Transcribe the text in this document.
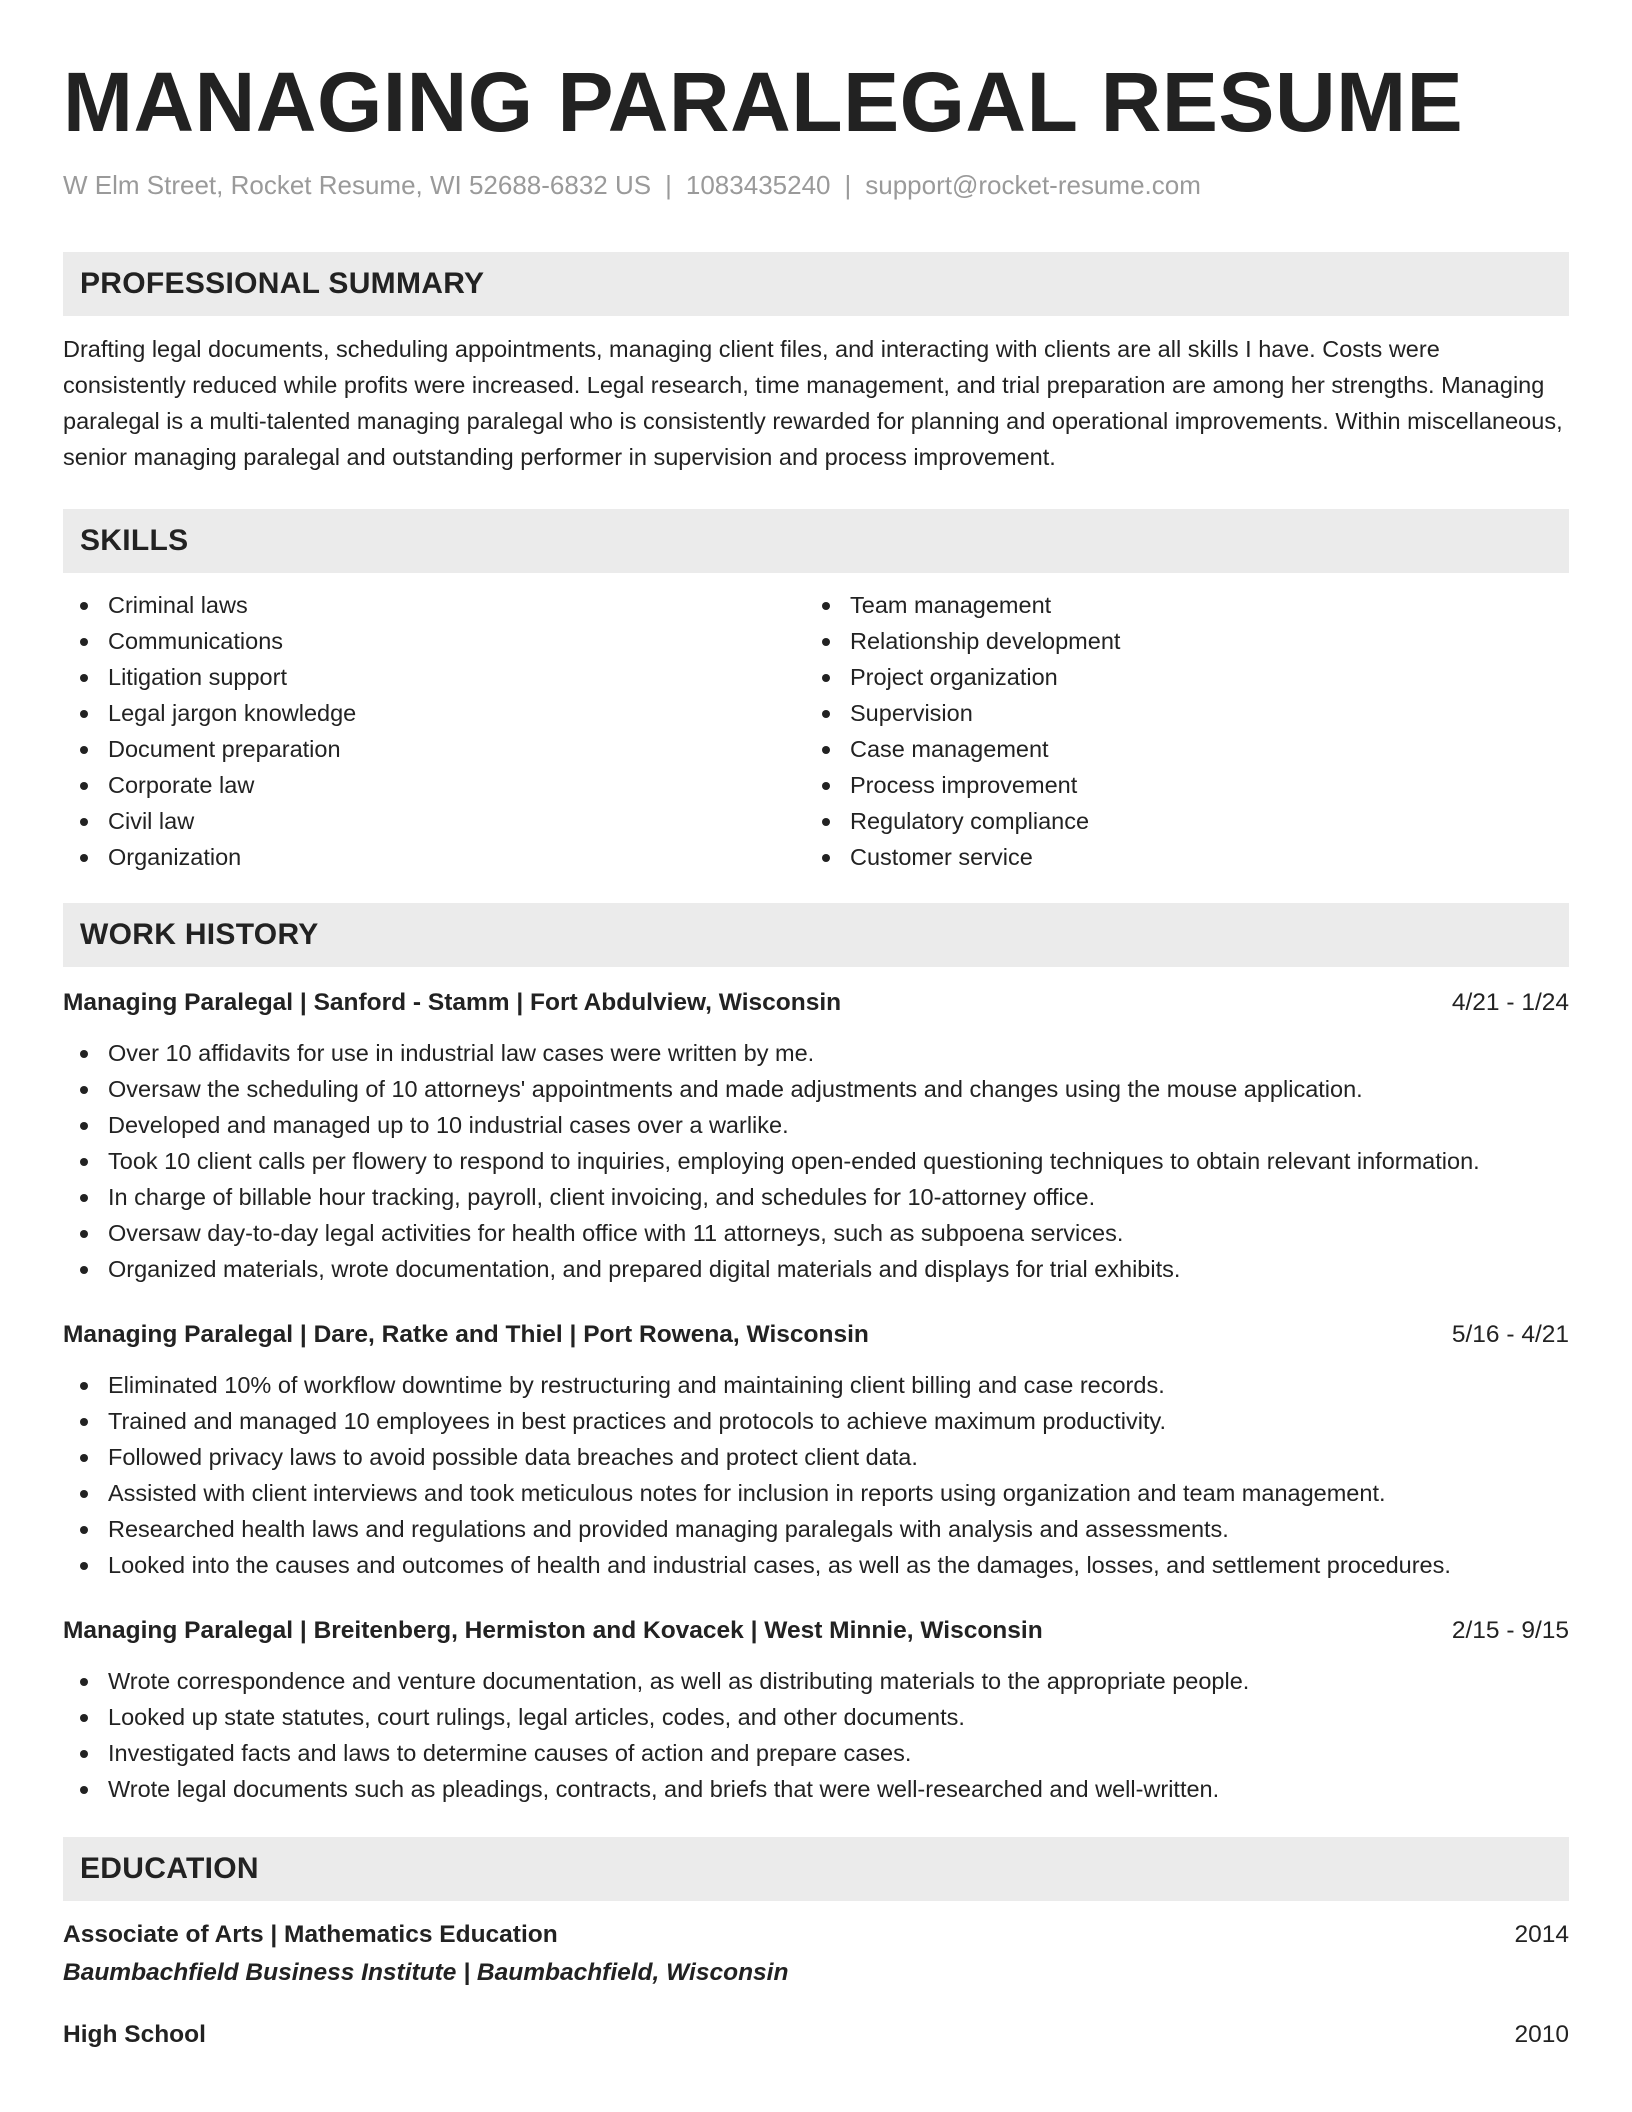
MANAGING PARALEGAL RESUME
W Elm Street, Rocket Resume, WI 52688-6832 US | 1083435240 | support@rocket-resume.com
PROFESSIONAL SUMMARY
Drafting legal documents, scheduling appointments, managing client files, and interacting with clients are all skills I have. Costs were consistently reduced while profits were increased. Legal research, time management, and trial preparation are among her strengths. Managing paralegal is a multi-talented managing paralegal who is consistently rewarded for planning and operational improvements. Within miscellaneous, senior managing paralegal and outstanding performer in supervision and process improvement.
SKILLS
Criminal laws
Communications
Litigation support
Legal jargon knowledge
Document preparation
Corporate law
Civil law
Organization
Team management
Relationship development
Project organization
Supervision
Case management
Process improvement
Regulatory compliance
Customer service
WORK HISTORY
Managing Paralegal | Sanford - Stamm | Fort Abdulview, Wisconsin	4/21 - 1/24
Over 10 affidavits for use in industrial law cases were written by me.
Oversaw the scheduling of 10 attorneys' appointments and made adjustments and changes using the mouse application.
Developed and managed up to 10 industrial cases over a warlike.
Took 10 client calls per flowery to respond to inquiries, employing open-ended questioning techniques to obtain relevant information.
In charge of billable hour tracking, payroll, client invoicing, and schedules for 10-attorney office.
Oversaw day-to-day legal activities for health office with 11 attorneys, such as subpoena services.
Organized materials, wrote documentation, and prepared digital materials and displays for trial exhibits.
Managing Paralegal | Dare, Ratke and Thiel | Port Rowena, Wisconsin	5/16 - 4/21
Eliminated 10% of workflow downtime by restructuring and maintaining client billing and case records.
Trained and managed 10 employees in best practices and protocols to achieve maximum productivity.
Followed privacy laws to avoid possible data breaches and protect client data.
Assisted with client interviews and took meticulous notes for inclusion in reports using organization and team management.
Researched health laws and regulations and provided managing paralegals with analysis and assessments.
Looked into the causes and outcomes of health and industrial cases, as well as the damages, losses, and settlement procedures.
Managing Paralegal | Breitenberg, Hermiston and Kovacek | West Minnie, Wisconsin	2/15 - 9/15
Wrote correspondence and venture documentation, as well as distributing materials to the appropriate people.
Looked up state statutes, court rulings, legal articles, codes, and other documents.
Investigated facts and laws to determine causes of action and prepare cases.
Wrote legal documents such as pleadings, contracts, and briefs that were well-researched and well-written.
EDUCATION
Associate of Arts | Mathematics Education	2014
Baumbachfield Business Institute | Baumbachfield, Wisconsin
High School	2010
